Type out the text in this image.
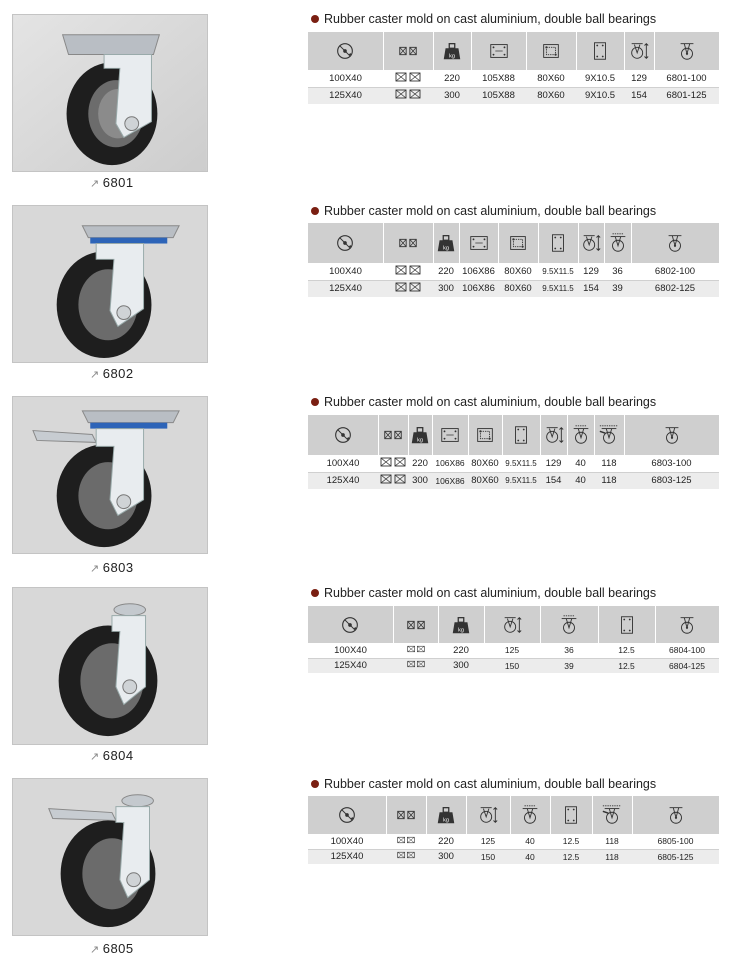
↗ 6801
Rubber caster mold on cast aluminium, double ball bearings

kg

100X40		220	105X88	80X60	9X10.5	129	6801-100
125X40		300	105X88	80X60	9X10.5	154	6801-125
↗ 6802
Rubber caster mold on cast aluminium, double ball bearings

kg

100X40		220	106X86	80X60	9.5X11.5	129	36	6802-100
125X40		300	106X86	80X60	9.5X11.5	154	39	6802-125
↗ 6803
Rubber caster mold on cast aluminium, double ball bearings

kg

100X40		220	106X86	80X60	9.5X11.5	129	40	118	6803-100
125X40		300	106X86	80X60	9.5X11.5	154	40	118	6803-125
↗ 6804
Rubber caster mold on cast aluminium, double ball bearings

kg

100X40		220	125	36	12.5	6804-100
125X40		300	150	39	12.5	6804-125
↗ 6805
Rubber caster mold on cast aluminium, double ball bearings

kg

100X40		220	125	40	12.5	118	6805-100
125X40		300	150	40	12.5	118	6805-125
